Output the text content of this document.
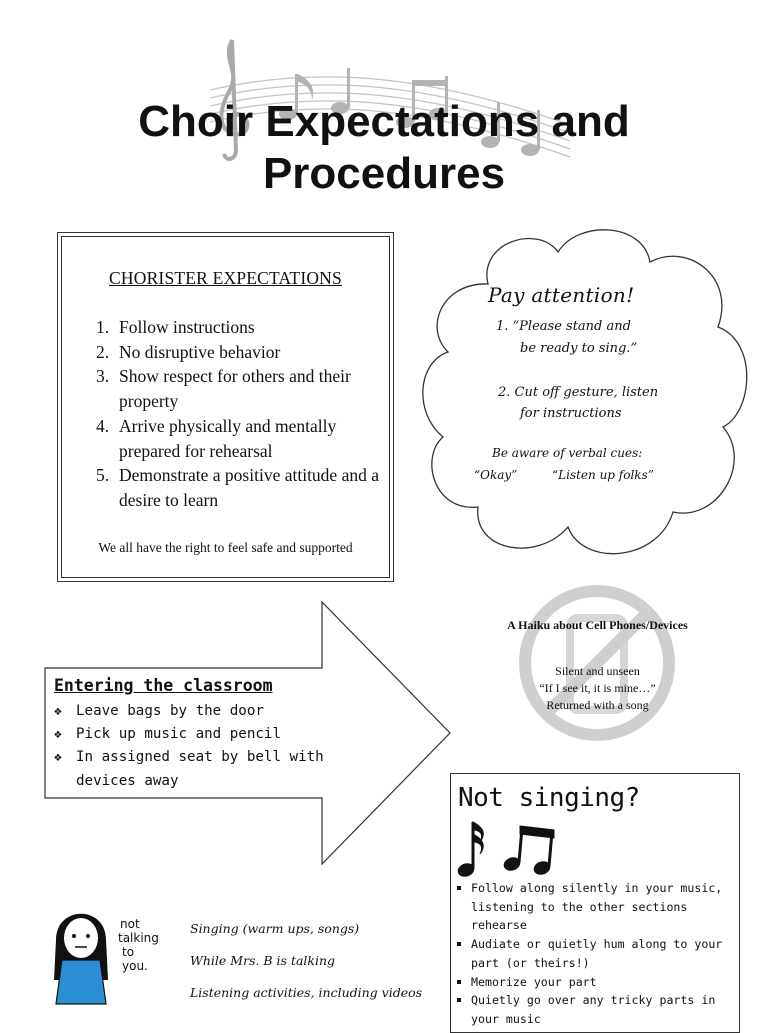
Choir Expectations and
Procedures
CHORISTER EXPECTATIONS
1. Follow instructions
2. No disruptive behavior
3. Show respect for others and their property
4. Arrive physically and mentally prepared for rehearsal
5. Demonstrate a positive attitude and a desire to learn
We all have the right to feel safe and supported
Pay attention!
1. “Please stand and
be ready to sing.”
2. Cut off gesture, listen
for instructions
Be aware of verbal cues:
“Okay”	“Listen up folks”
Entering the classroom
❖ Leave bags by the door
❖ Pick up music and pencil
❖ In assigned seat by bell with devices away
A Haiku about Cell Phones/Devices
Silent and unseen
“If I see it, it is mine…”
Returned with a song
Not singing?
Follow along silently in your music, listening to the other sections rehearse
Audiate or quietly hum along to your part (or theirs!)
Memorize your part
Quietly go over any tricky parts in your music
not talking to you.
Singing (warm ups, songs)
While Mrs. B is talking
Listening activities, including videos
